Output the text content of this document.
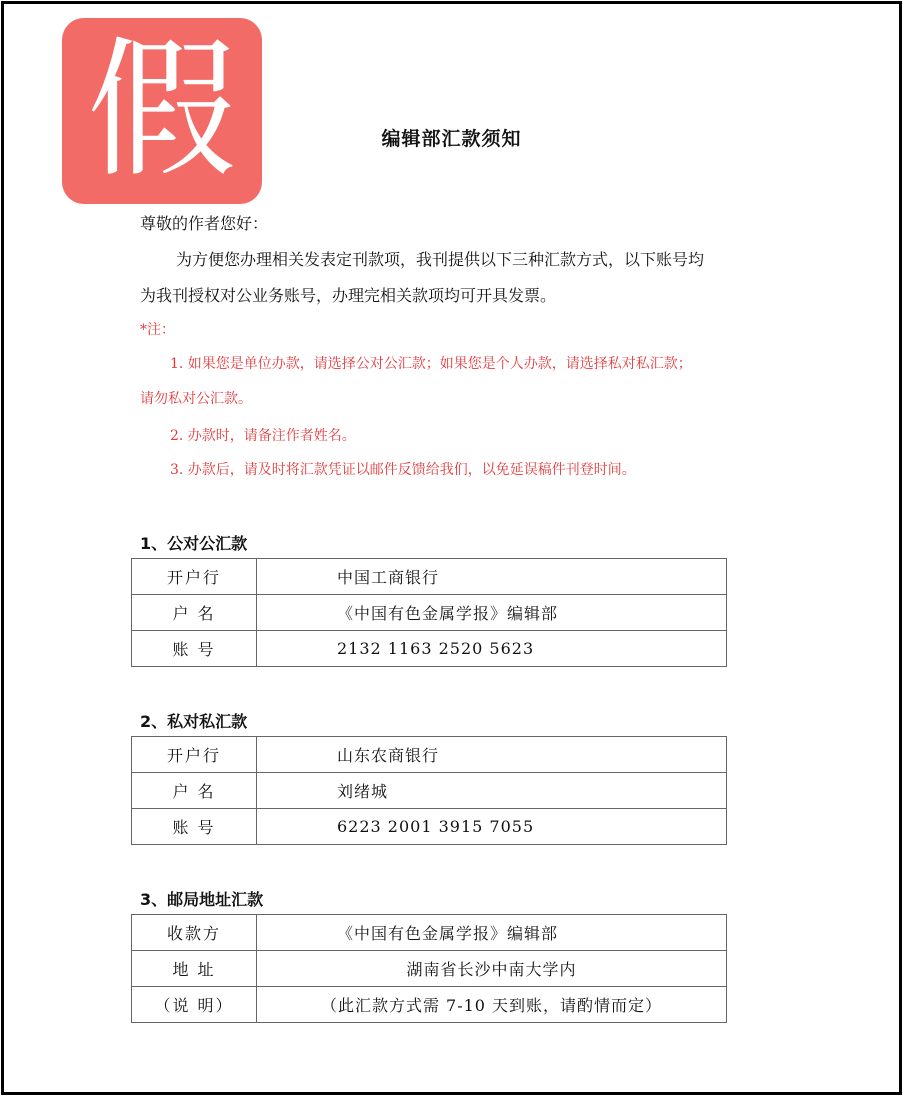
假	编辑部汇款须知
尊敬的作者您好：
为方便您办理相关发表定刊款项，我刊提供以下三种汇款方式，以下账号均
为我刊授权对公业务账号，办理完相关款项均可开具发票。
*注：
1. 如果您是单位办款，请选择公对公汇款；如果您是个人办款，请选择私对私汇款；
请勿私对公汇款。
2. 办款时，请备注作者姓名。
3. 办款后，请及时将汇款凭证以邮件反馈给我们，以免延误稿件刊登时间。
1、公对公汇款
开户行	中国工商银行
户 名	《中国有色金属学报》编辑部
账 号	2132 1163 2520 5623
2、私对私汇款
开户行	山东农商银行
户 名	刘绪城
账 号	6223 2001 3915 7055
3、邮局地址汇款
收款方	《中国有色金属学报》编辑部
地 址	湖南省长沙中南大学内
（说 明）	（此汇款方式需 7-10 天到账，请酌情而定）
